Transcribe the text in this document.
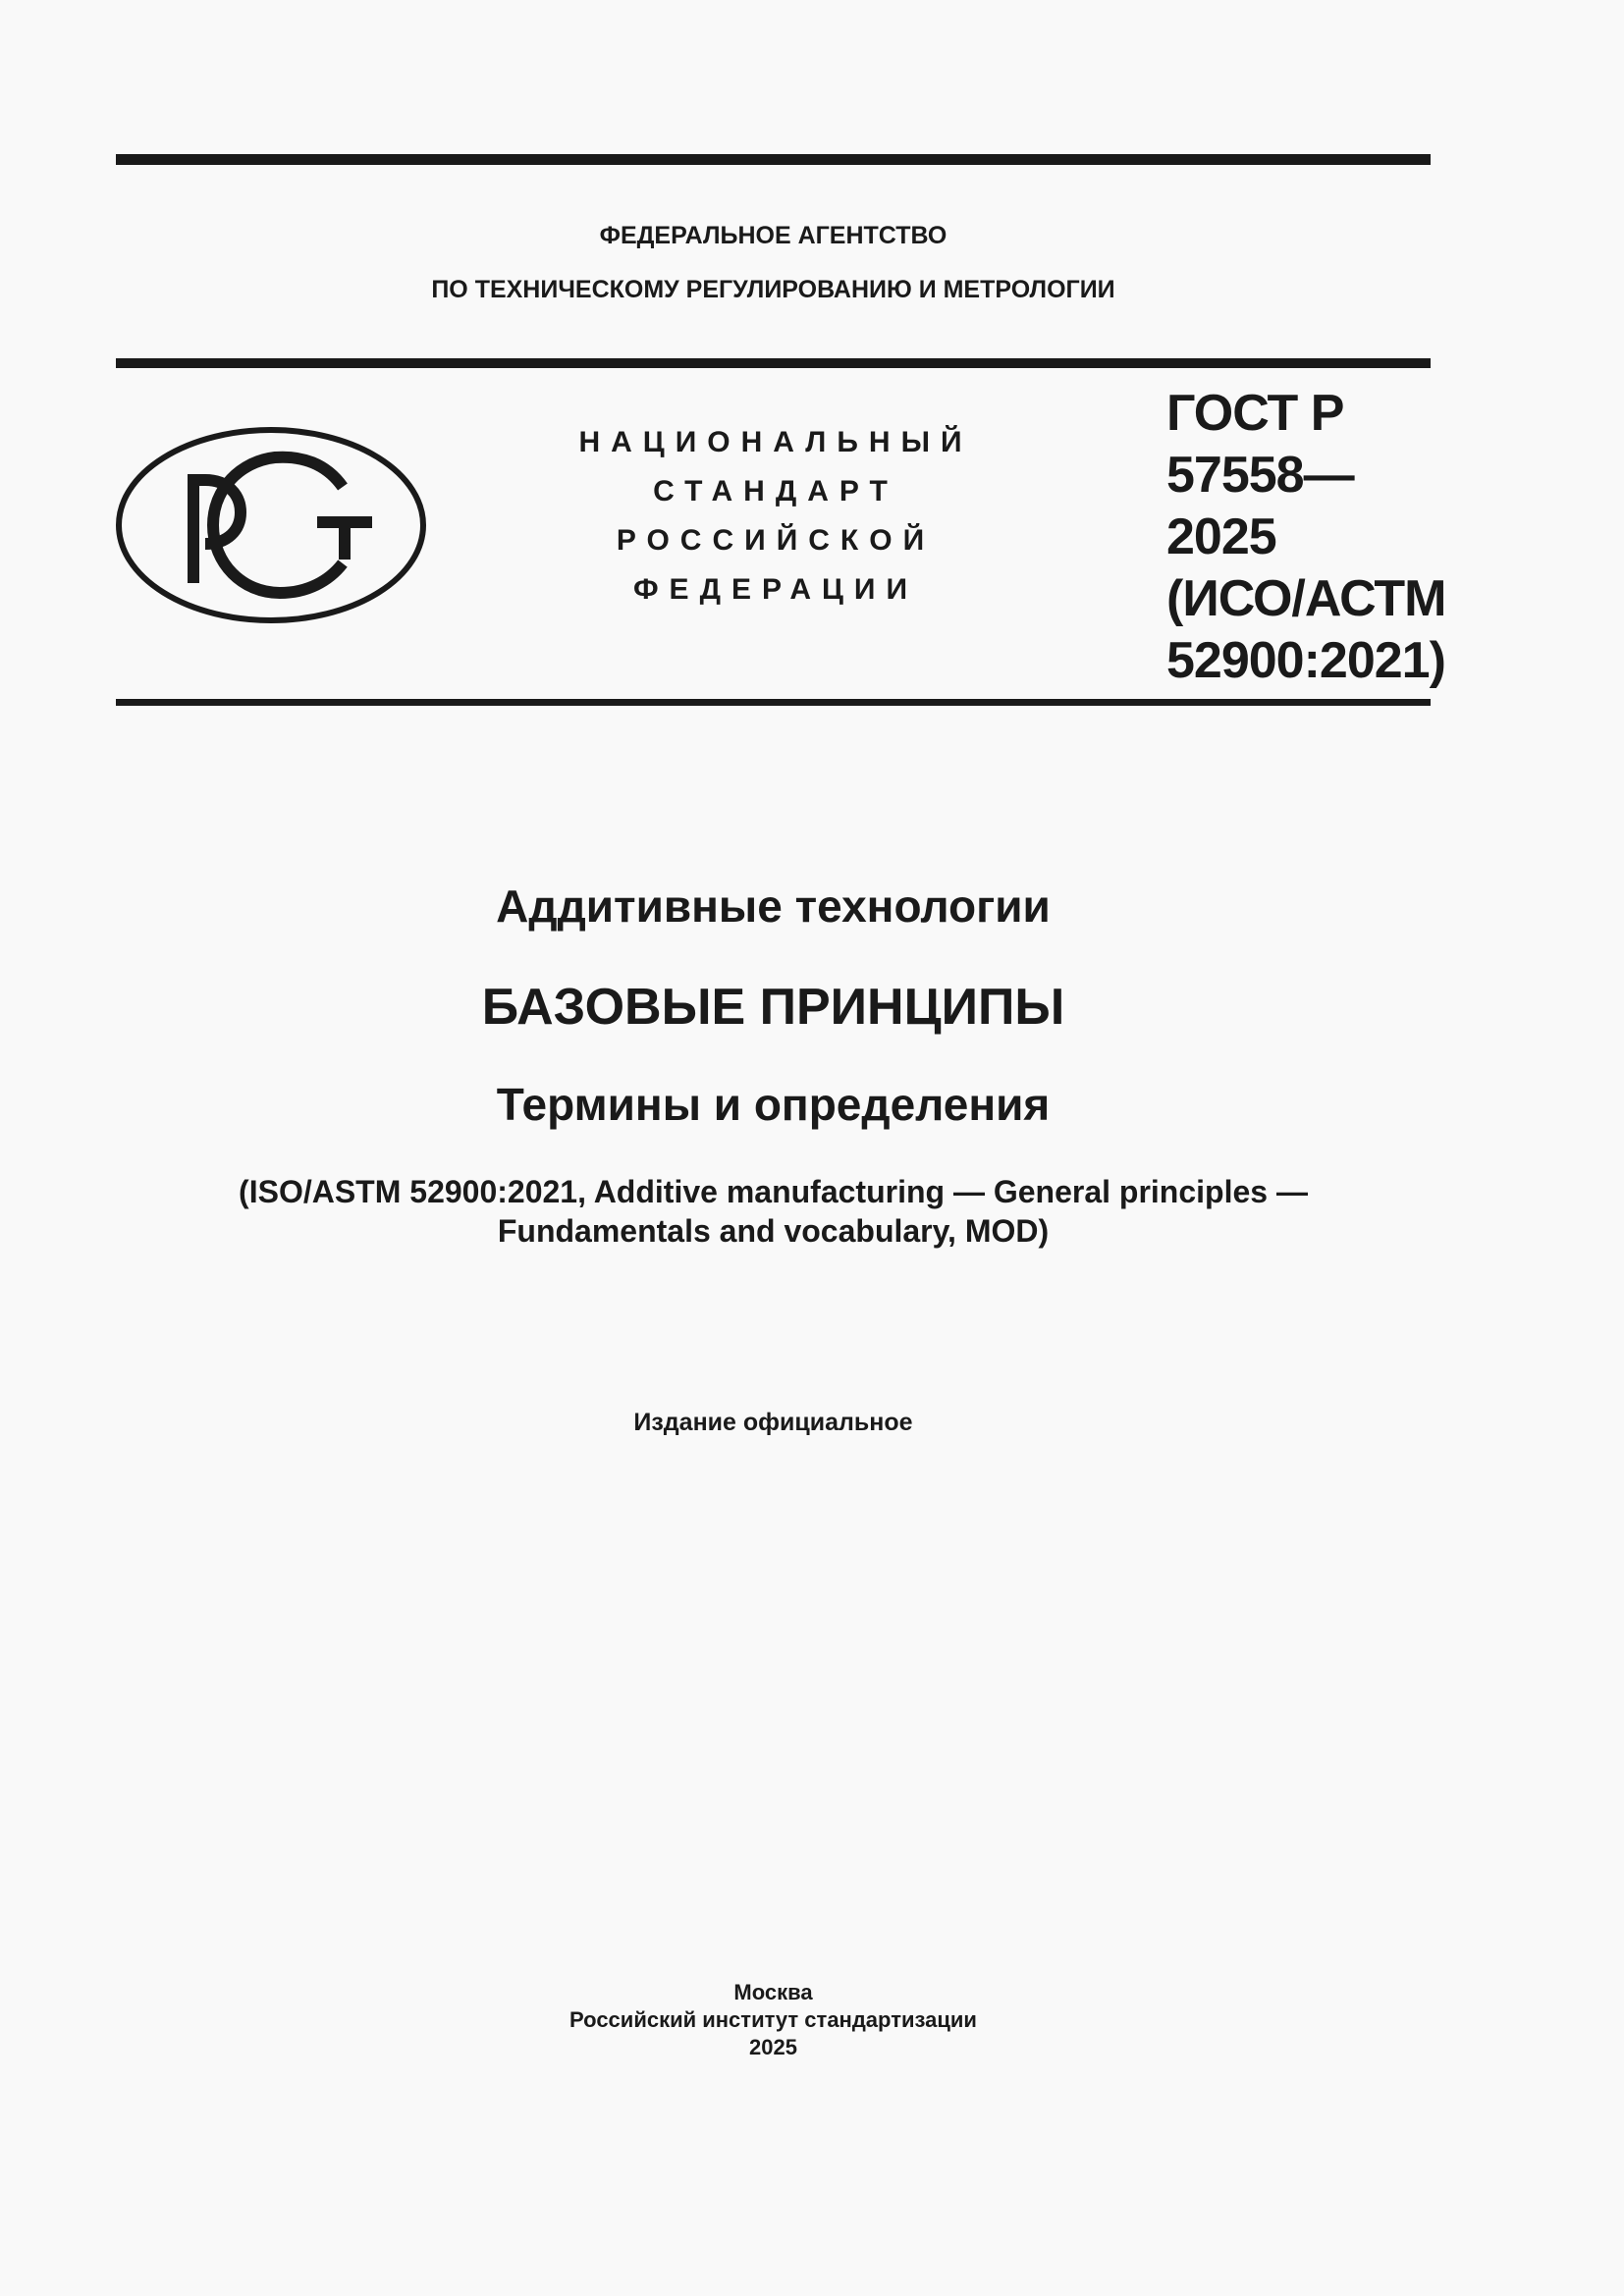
ФЕДЕРАЛЬНОЕ АГЕНТСТВО
ПО ТЕХНИЧЕСКОМУ РЕГУЛИРОВАНИЮ И МЕТРОЛОГИИ
НАЦИОНАЛЬНЫЙ
СТАНДАРТ
РОССИЙСКОЙ
ФЕДЕРАЦИИ
ГОСТ Р
57558—
2025
(ИСО/АСТМ
52900:2021)
Аддитивные технологии
БАЗОВЫЕ ПРИНЦИПЫ
Термины и определения
(ISO/ASTM 52900:2021, Additive manufacturing — General principles —
Fundamentals and vocabulary, MOD)
Издание официальное
Москва
Российский институт стандартизации
2025
